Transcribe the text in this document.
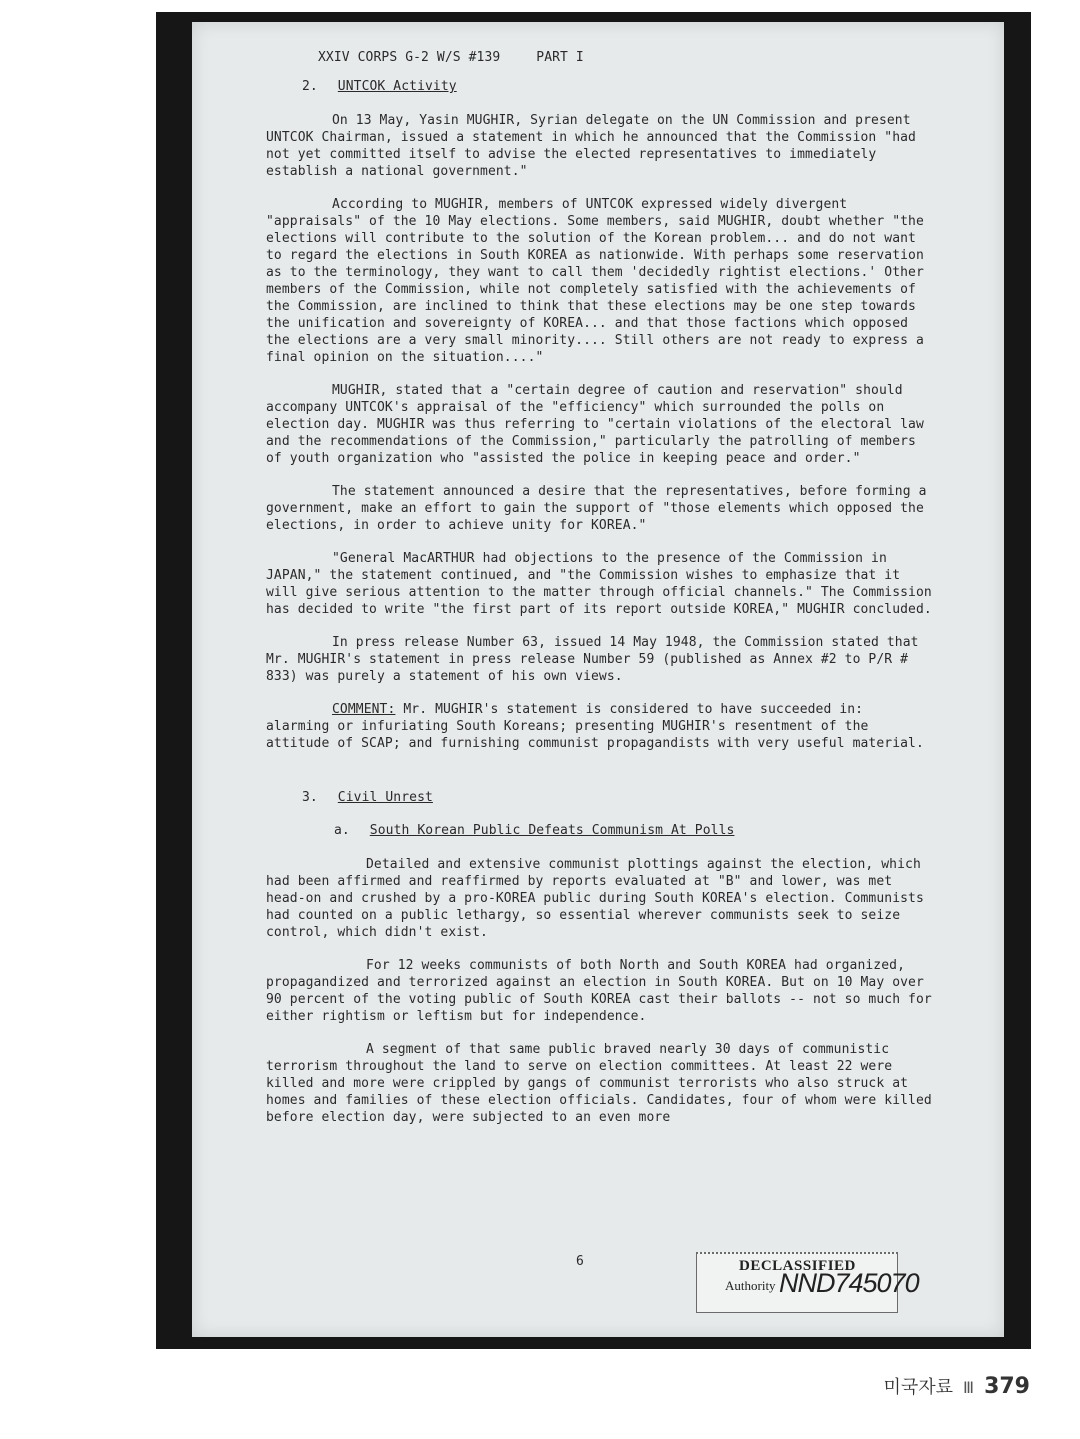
XXIV CORPS G-2 W/S #139	PART I
2. UNTCOK Activity

On 13 May, Yasin MUGHIR, Syrian delegate on the UN Commission and present UNTCOK Chairman, issued a statement in which he announced that the Commission "had not yet committed itself to advise the elected representatives to immediately establish a national government."

According to MUGHIR, members of UNTCOK expressed widely divergent "appraisals" of the 10 May elections. Some members, said MUGHIR, doubt whether "the elections will contribute to the solution of the Korean problem... and do not want to regard the elections in South KOREA as nationwide. With perhaps some reservation as to the terminology, they want to call them 'decidedly rightist elections.' Other members of the Commission, while not completely satisfied with the achievements of the Commission, are inclined to think that these elections may be one step towards the unification and sovereignty of KOREA... and that those factions which opposed the elections are a very small minority.... Still others are not ready to express a final opinion on the situation...."

MUGHIR, stated that a "certain degree of caution and reservation" should accompany UNTCOK's appraisal of the "efficiency" which surrounded the polls on election day. MUGHIR was thus referring to "certain violations of the electoral law and the recommendations of the Commission," particularly the patrolling of members of youth organization who "assisted the police in keeping peace and order."

The statement announced a desire that the representatives, before forming a government, make an effort to gain the support of "those elements which opposed the elections, in order to achieve unity for KOREA."

"General MacARTHUR had objections to the presence of the Commission in JAPAN," the statement continued, and "the Commission wishes to emphasize that it will give serious attention to the matter through official channels." The Commission has decided to write "the first part of its report outside KOREA," MUGHIR concluded.

In press release Number 63, issued 14 May 1948, the Commission stated that Mr. MUGHIR's statement in press release Number 59 (published as Annex #2 to P/R # 833) was purely a statement of his own views.

COMMENT: Mr. MUGHIR's statement is considered to have succeeded in: alarming or infuriating South Koreans; presenting MUGHIR's resentment of the attitude of SCAP; and furnishing communist propagandists with very useful material.

3. Civil Unrest
a. South Korean Public Defeats Communism At Polls

Detailed and extensive communist plottings against the election, which had been affirmed and reaffirmed by reports evaluated at "B" and lower, was met head-on and crushed by a pro-KOREA public during South KOREA's election. Communists had counted on a public lethargy, so essential wherever communists seek to seize control, which didn't exist.

For 12 weeks communists of both North and South KOREA had organized, propagandized and terrorized against an election in South KOREA. But on 10 May over 90 percent of the voting public of South KOREA cast their ballots -- not so much for either rightism or leftism but for independence.

A segment of that same public braved nearly 30 days of communistic terrorism throughout the land to serve on election committees. At least 22 were killed and more were crippled by gangs of communist terrorists who also struck at homes and families of these election officials. Candidates, four of whom were killed before election day, were subjected to an even more

6	DECLASSIFIED
Authority NND745070
미국자료 Ⅲ 379
